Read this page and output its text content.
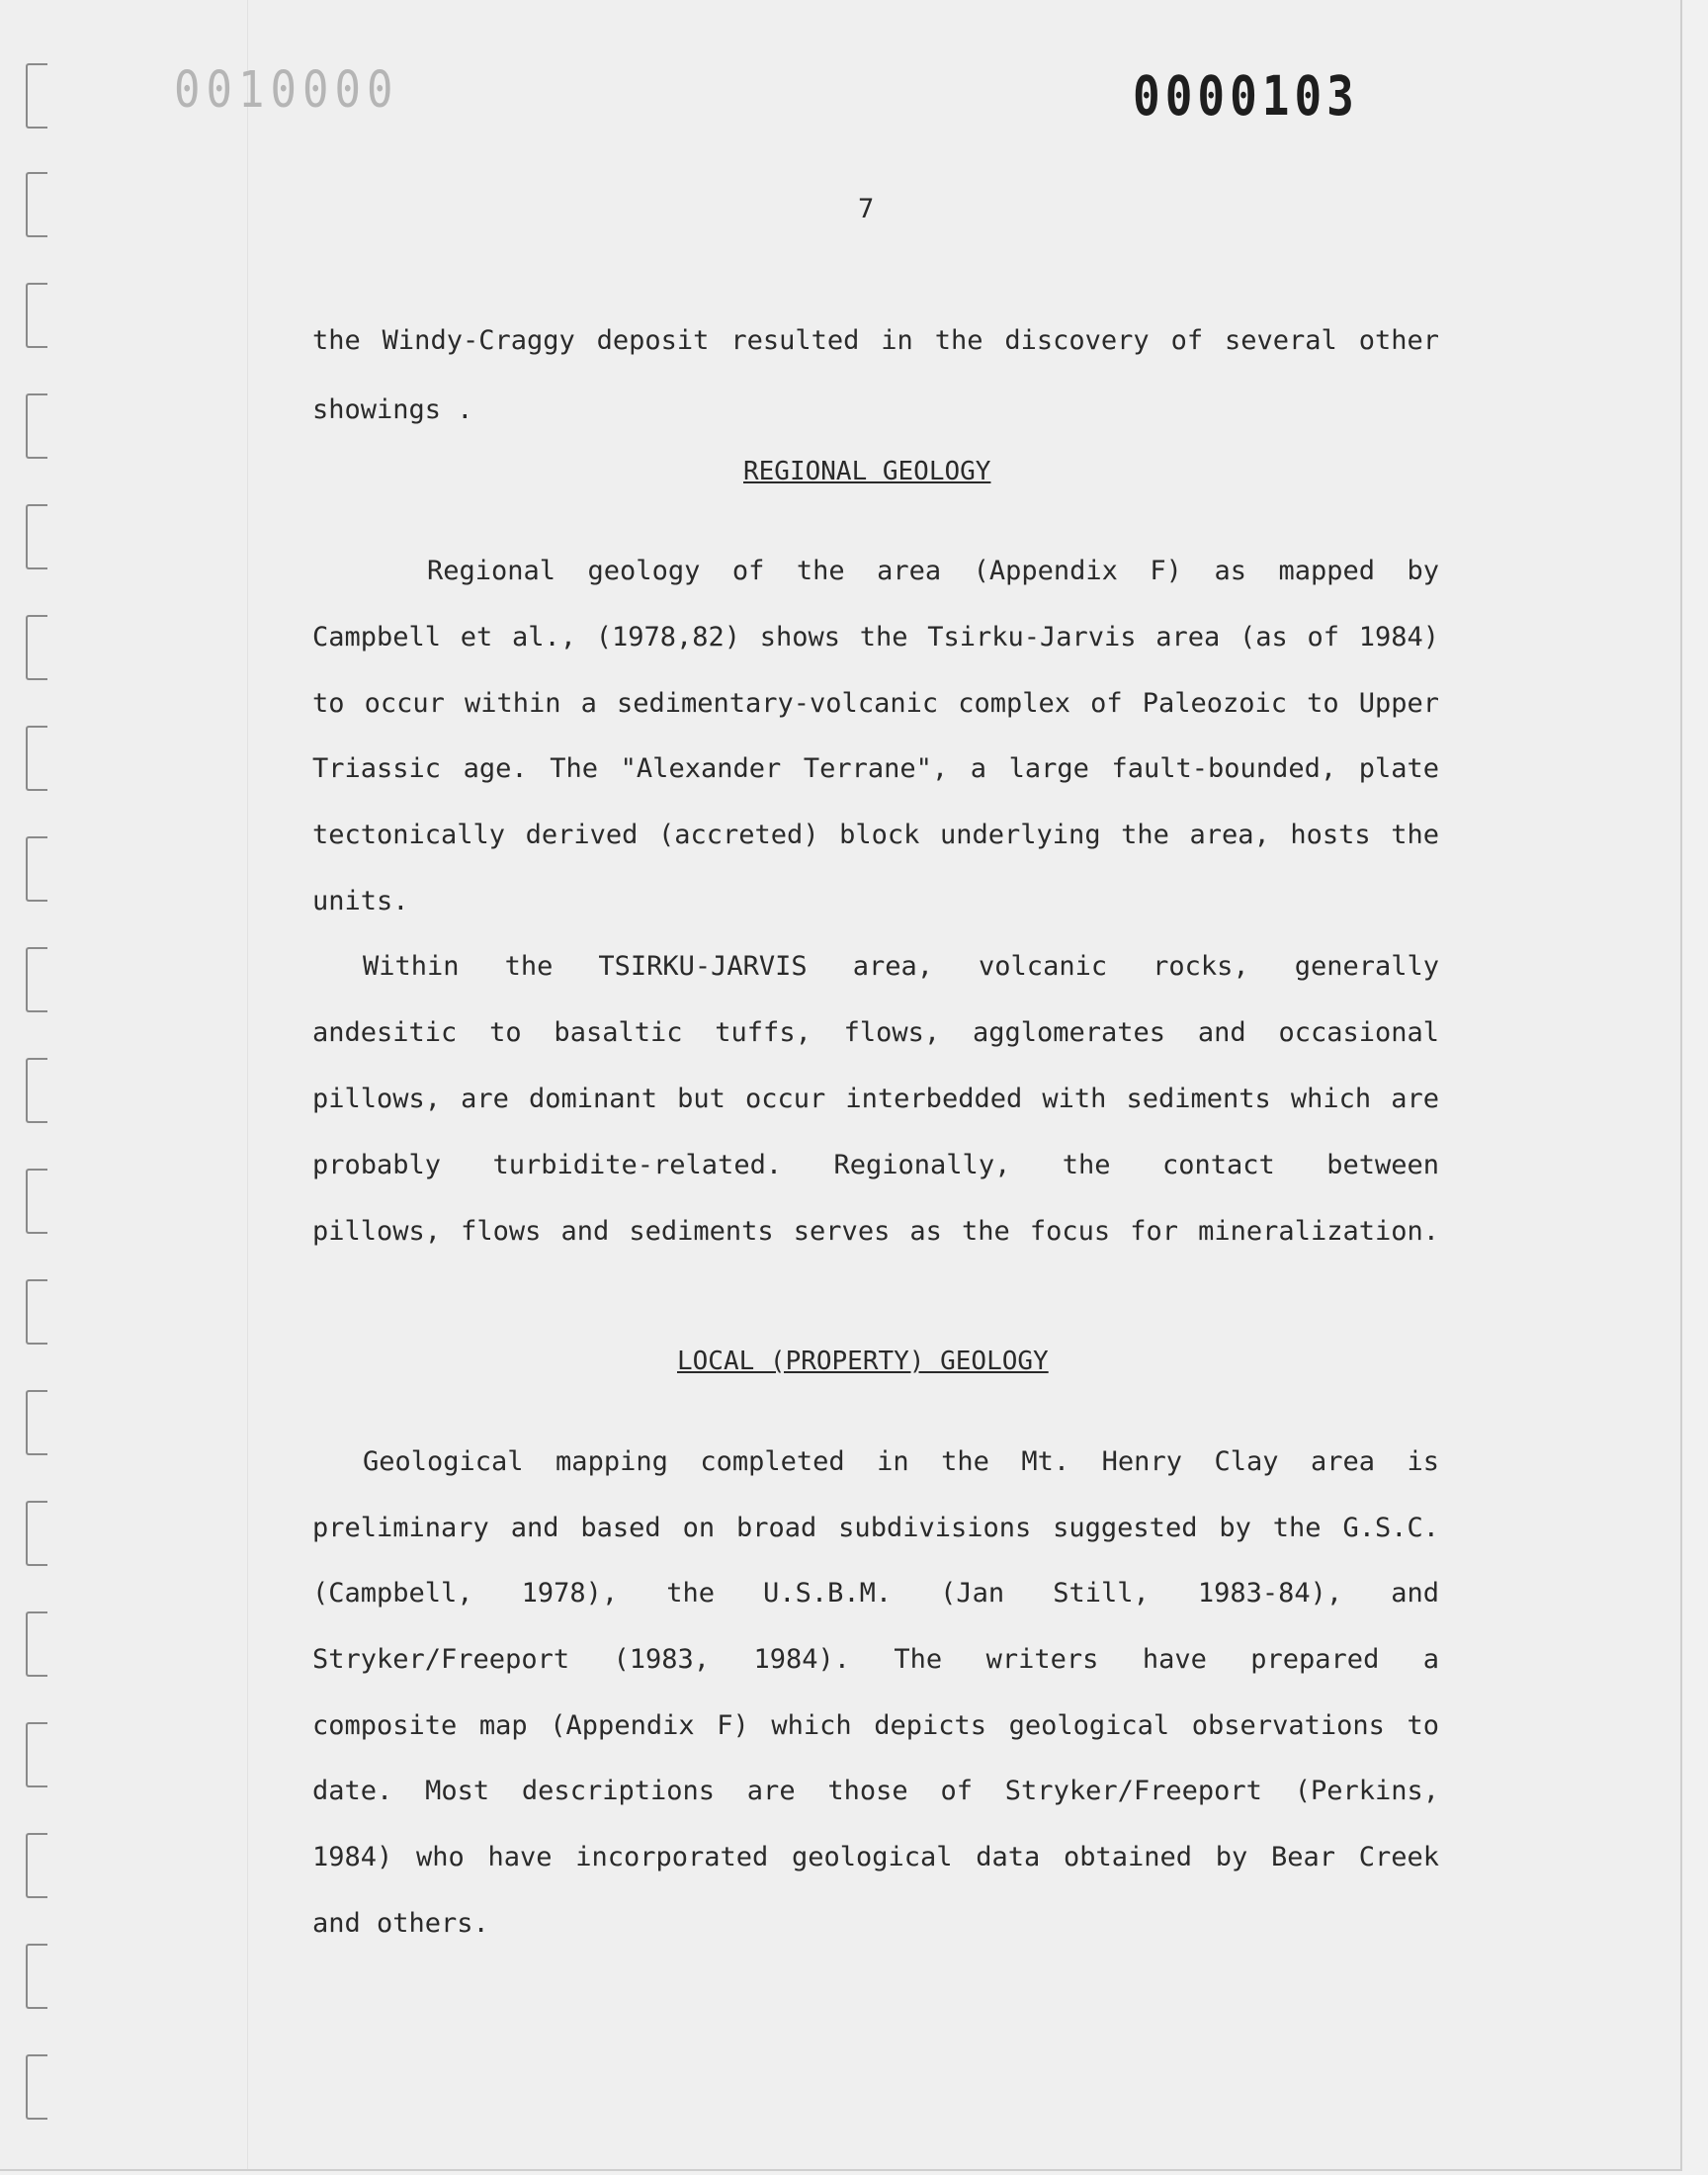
0010000	0000103
7
the Windy-Craggy deposit resulted in the discovery of several other
showings .
REGIONAL GEOLOGY
Regional geology of the area (Appendix F) as mapped by
Campbell et al., (1978,82) shows the Tsirku-Jarvis area (as of 1984)
to occur within a sedimentary-volcanic complex of Paleozoic to Upper
Triassic age. The "Alexander Terrane", a large fault-bounded, plate
tectonically derived (accreted) block underlying the area, hosts the
units.
Within the TSIRKU-JARVIS area, volcanic rocks, generally
andesitic to basaltic tuffs, flows, agglomerates and occasional
pillows, are dominant but occur interbedded with sediments which are
probably turbidite-related. Regionally, the contact between
pillows, flows and sediments serves as the focus for mineralization.
LOCAL (PROPERTY) GEOLOGY
Geological mapping completed in the Mt. Henry Clay area is
preliminary and based on broad subdivisions suggested by the G.S.C.
(Campbell, 1978), the U.S.B.M. (Jan Still, 1983-84), and
Stryker/Freeport (1983, 1984). The writers have prepared a
composite map (Appendix F) which depicts geological observations to
date. Most descriptions are those of Stryker/Freeport (Perkins,
1984) who have incorporated geological data obtained by Bear Creek
and others.
